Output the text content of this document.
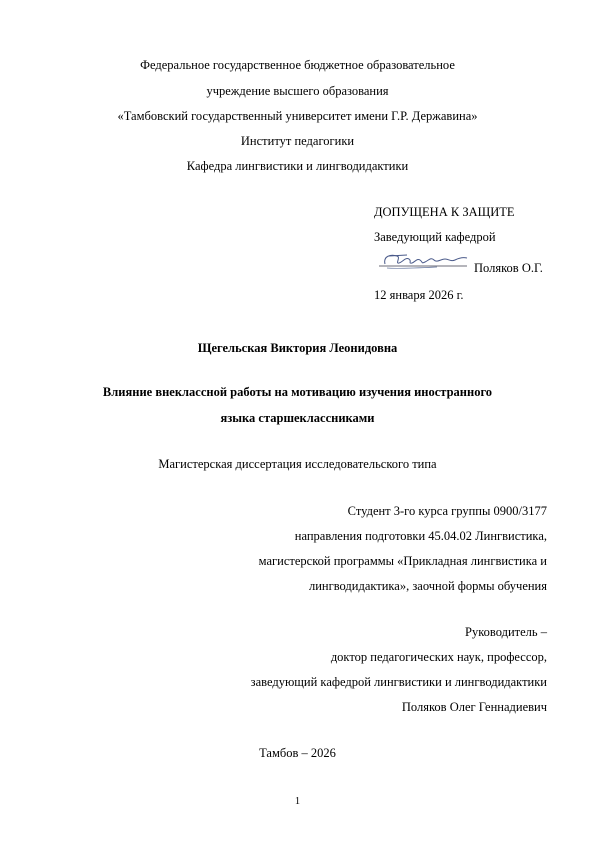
Федеральное государственное бюджетное образовательное
учреждение высшего образования
«Тамбовский государственный университет имени Г.Р. Державина»
Институт педагогики
Кафедра лингвистики и лингводидактики
ДОПУЩЕНА К ЗАЩИТЕ
Заведующий кафедрой
Поляков О.Г.
12 января 2026 г.
Щегельская Виктория Леонидовна
Влияние внеклассной работы на мотивацию изучения иностранного
языка старшеклассниками
Магистерская диссертация исследовательского типа
Студент 3-го курса группы 0900/3177
направления подготовки 45.04.02 Лингвистика,
магистерской программы «Прикладная лингвистика и
лингводидактика», заочной формы обучения
Руководитель –
доктор педагогических наук, профессор,
заведующий кафедрой лингвистики и лингводидактики
Поляков Олег Геннадиевич
Тамбов – 2026
1
